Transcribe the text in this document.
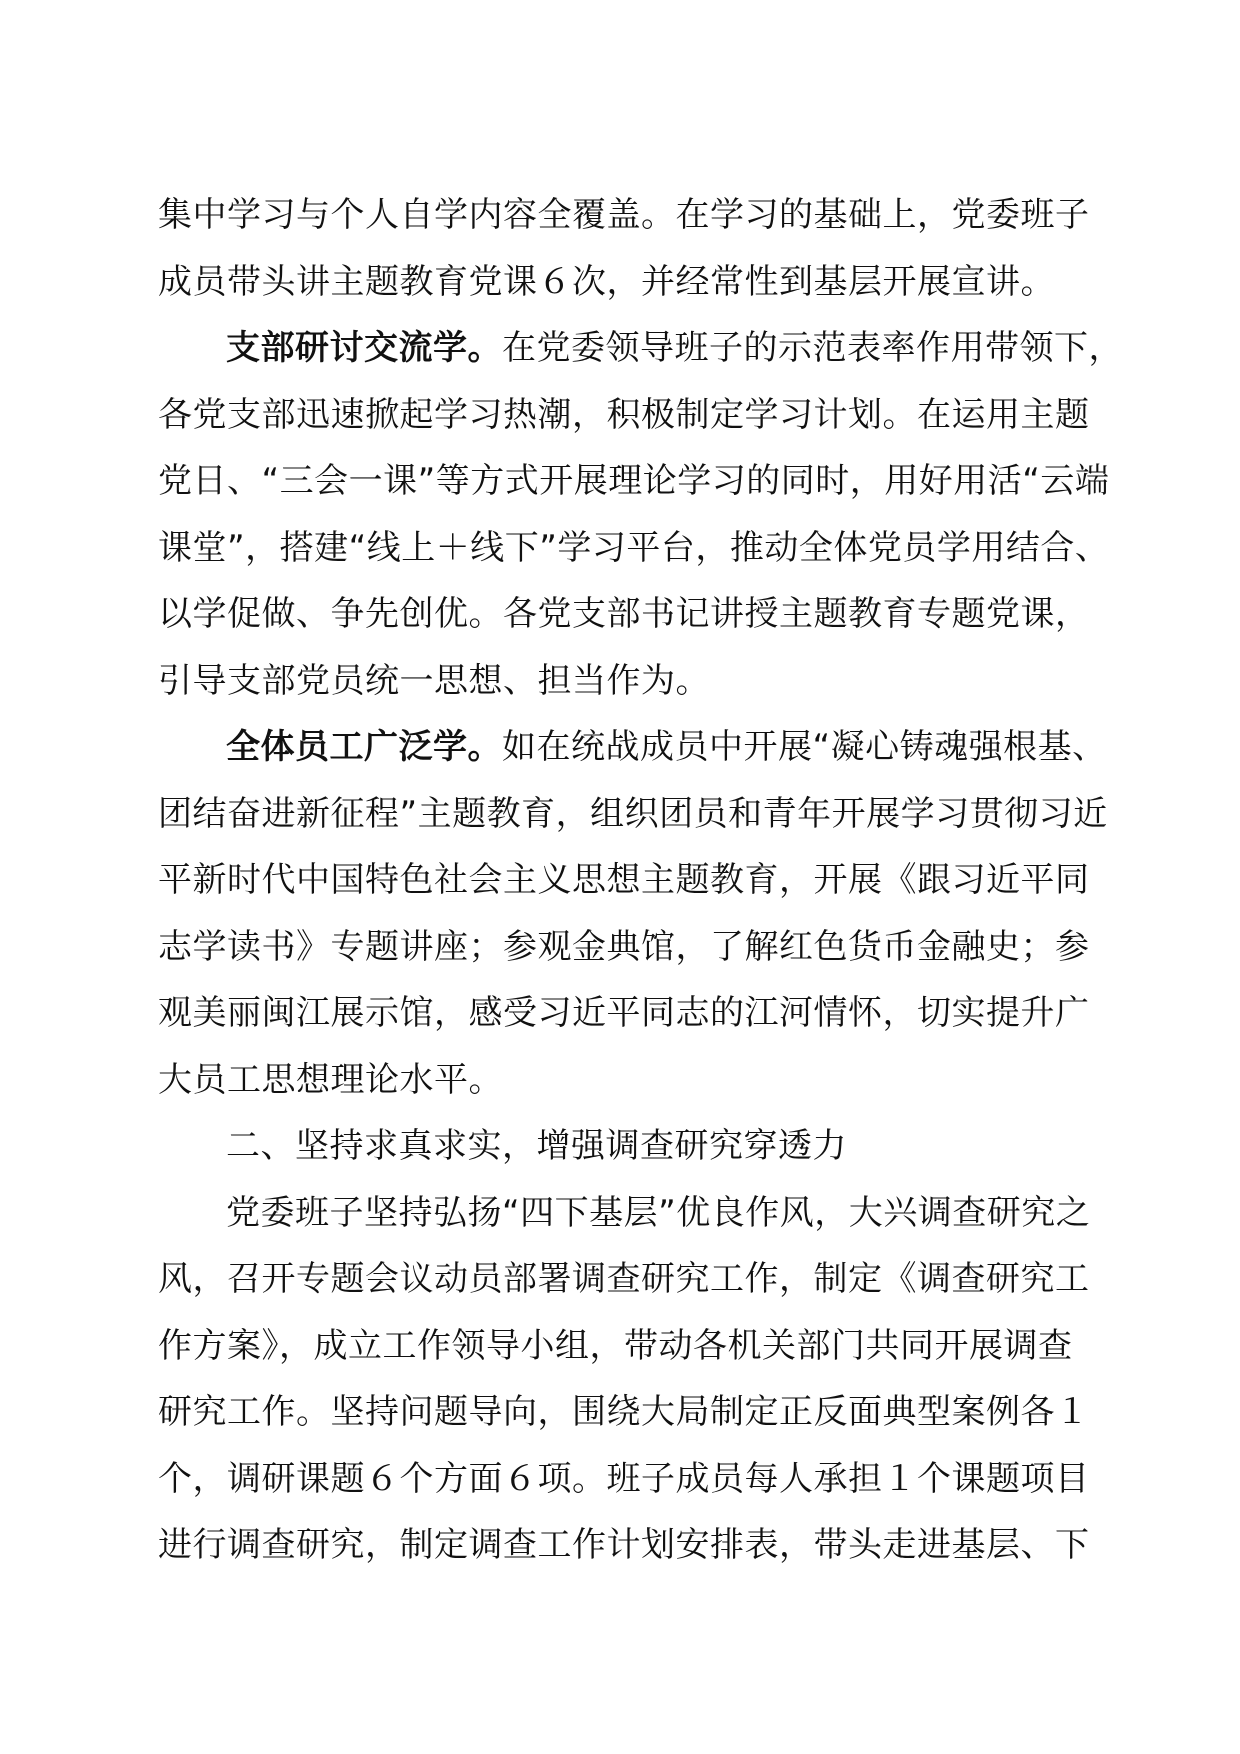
集中学习与个人自学内容全覆盖。在学习的基础上，党委班子
成员带头讲主题教育党课６次，并经常性到基层开展宣讲。
支部研讨交流学。在党委领导班子的示范表率作用带领下，
各党支部迅速掀起学习热潮，积极制定学习计划。在运用主题
党日、“三会一课”等方式开展理论学习的同时，用好用活“云端
课堂”，搭建“线上＋线下”学习平台，推动全体党员学用结合、
以学促做、争先创优。各党支部书记讲授主题教育专题党课，
引导支部党员统一思想、担当作为。
全体员工广泛学。如在统战成员中开展“凝心铸魂强根基、
团结奋进新征程”主题教育，组织团员和青年开展学习贯彻习近
平新时代中国特色社会主义思想主题教育，开展《跟习近平同
志学读书》专题讲座；参观金典馆，了解红色货币金融史；参
观美丽闽江展示馆，感受习近平同志的江河情怀，切实提升广
大员工思想理论水平。
二、坚持求真求实，增强调查研究穿透力
党委班子坚持弘扬“四下基层”优良作风，大兴调查研究之
风，召开专题会议动员部署调查研究工作，制定《调查研究工
作方案》，成立工作领导小组，带动各机关部门共同开展调查
研究工作。坚持问题导向，围绕大局制定正反面典型案例各１
个，调研课题６个方面６项。班子成员每人承担１个课题项目
进行调查研究，制定调查工作计划安排表，带头走进基层、下
